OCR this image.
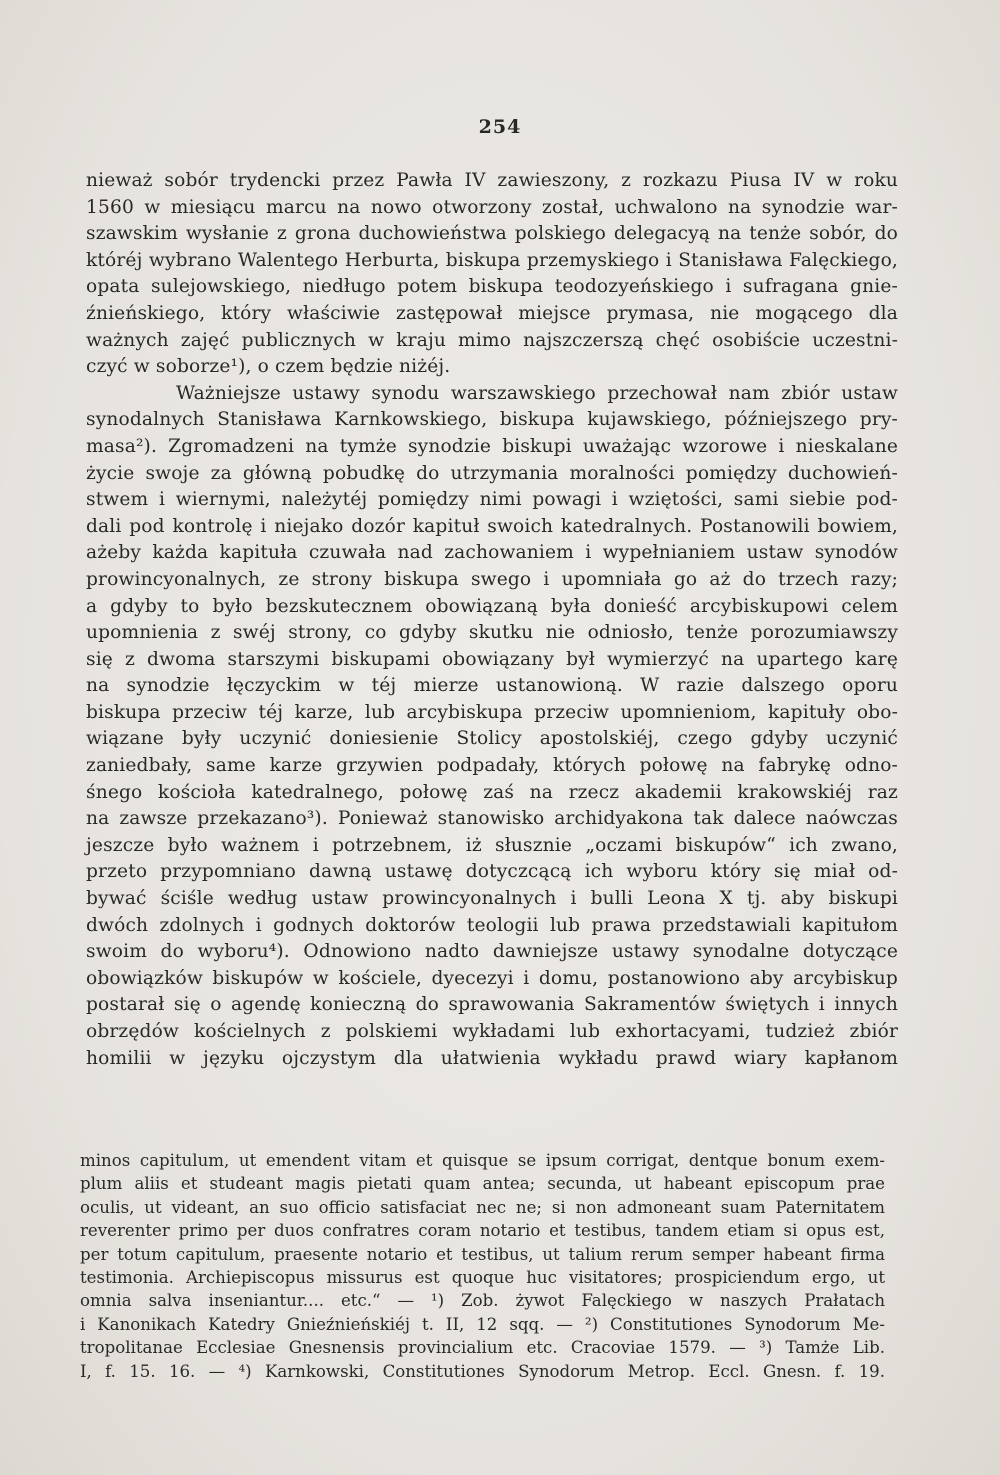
254
nieważ sobór trydencki przez Pawła IV zawieszony, z rozkazu Piusa IV w roku
1560 w miesiącu marcu na nowo otworzony został, uchwalono na synodzie war-
szawskim wysłanie z grona duchowieństwa polskiego delegacyą na tenże sobór, do
któréj wybrano Walentego Herburta, biskupa przemyskiego i Stanisława Falęckiego,
opata sulejowskiego, niedługo potem biskupa teodozyeńskiego i sufragana gnie-
źnieńskiego, który właściwie zastępował miejsce prymasa, nie mogącego dla
ważnych zajęć publicznych w kraju mimo najszczerszą chęć osobiście uczestni-
czyć w soborze¹), o czem będzie niżéj.
Ważniejsze ustawy synodu warszawskiego przechował nam zbiór ustaw
synodalnych Stanisława Karnkowskiego, biskupa kujawskiego, późniejszego pry-
masa²). Zgromadzeni na tymże synodzie biskupi uważając wzorowe i nieskalane
życie swoje za główną pobudkę do utrzymania moralności pomiędzy duchowień-
stwem i wiernymi, należytéj pomiędzy nimi powagi i wziętości, sami siebie pod-
dali pod kontrolę i niejako dozór kapituł swoich katedralnych. Postanowili bowiem,
ażeby każda kapituła czuwała nad zachowaniem i wypełnianiem ustaw synodów
prowincyonalnych, ze strony biskupa swego i upomniała go aż do trzech razy;
a gdyby to było bezskutecznem obowiązaną była donieść arcybiskupowi celem
upomnienia z swéj strony, co gdyby skutku nie odniosło, tenże porozumiawszy
się z dwoma starszymi biskupami obowiązany był wymierzyć na upartego karę
na synodzie łęczyckim w téj mierze ustanowioną. W razie dalszego oporu
biskupa przeciw téj karze, lub arcybiskupa przeciw upomnieniom, kapituły obo-
wiązane były uczynić doniesienie Stolicy apostolskiéj, czego gdyby uczynić
zaniedbały, same karze grzywien podpadały, których połowę na fabrykę odno-
śnego kościoła katedralnego, połowę zaś na rzecz akademii krakowskiéj raz
na zawsze przekazano³). Ponieważ stanowisko archidyakona tak dalece naówczas
jeszcze było ważnem i potrzebnem, iż słusznie „oczami biskupów“ ich zwano,
przeto przypomniano dawną ustawę dotyczcącą ich wyboru który się miał od-
bywać ściśle według ustaw prowincyonalnych i bulli Leona X tj. aby biskupi
dwóch zdolnych i godnych doktorów teologii lub prawa przedstawiali kapitułom
swoim do wyboru⁴). Odnowiono nadto dawniejsze ustawy synodalne dotyczące
obowiązków biskupów w kościele, dyecezyi i domu, postanowiono aby arcybiskup
postarał się o agendę konieczną do sprawowania Sakramentów świętych i innych
obrzędów kościelnych z polskiemi wykładami lub exhortacyami, tudzież zbiór
homilii w języku ojczystym dla ułatwienia wykładu prawd wiary kapłanom
minos capitulum, ut emendent vitam et quisque se ipsum corrigat, dentque bonum exem-
plum aliis et studeant magis pietati quam antea; secunda, ut habeant episcopum prae
oculis, ut videant, an suo officio satisfaciat nec ne; si non admoneant suam Paternitatem
reverenter primo per duos confratres coram notario et testibus, tandem etiam si opus est,
per totum capitulum, praesente notario et testibus, ut talium rerum semper habeant firma
testimonia. Archiepiscopus missurus est quoque huc visitatores; prospiciendum ergo, ut
omnia salva inseniantur.... etc.“ — ¹) Zob. żywot Falęckiego w naszych Prałatach
i Kanonikach Katedry Gnieźnieńskiéj t. II, 12 sqq. — ²) Constitutiones Synodorum Me-
tropolitanae Ecclesiae Gnesnensis provincialium etc. Cracoviae 1579. — ³) Tamże Lib.
I, f. 15. 16. — ⁴) Karnkowski, Constitutiones Synodorum Metrop. Eccl. Gnesn. f. 19.
